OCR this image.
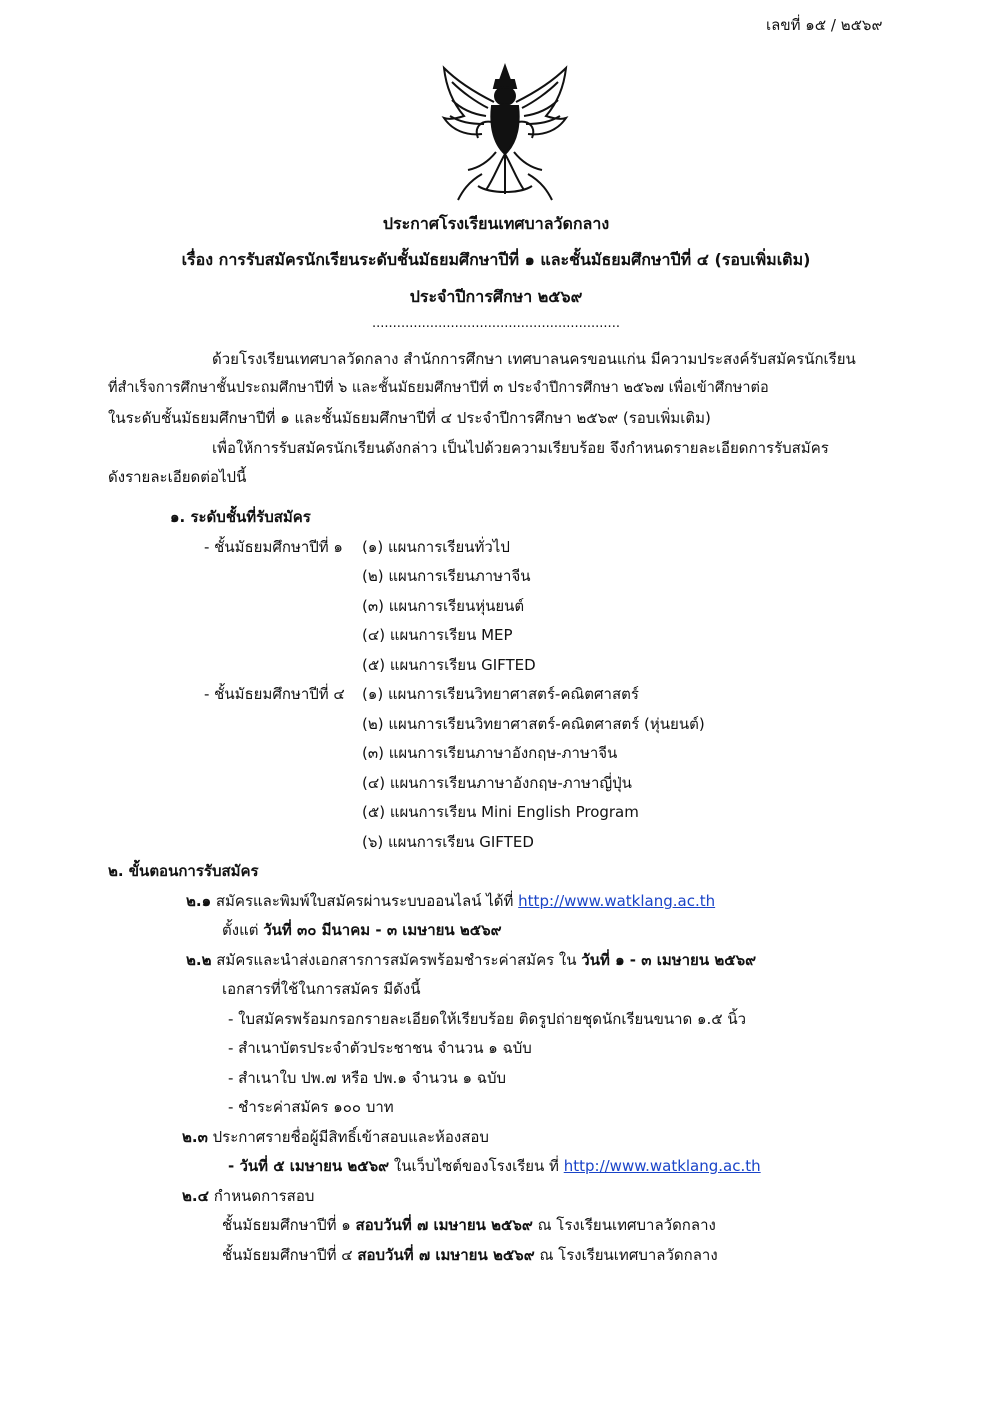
เลขที่ ๑๕ / ๒๕๖๙
ประกาศโรงเรียนเทศบาลวัดกลาง
เรื่อง การรับสมัครนักเรียนระดับชั้นมัธยมศึกษาปีที่ ๑ และชั้นมัธยมศึกษาปีที่ ๔ (รอบเพิ่มเติม)
ประจำปีการศึกษา ๒๕๖๙
............................................................
ด้วยโรงเรียนเทศบาลวัดกลาง สำนักการศึกษา เทศบาลนครขอนแก่น มีความประสงค์รับสมัครนักเรียน
ที่สำเร็จการศึกษาชั้นประถมศึกษาปีที่ ๖ และชั้นมัธยมศึกษาปีที่ ๓ ประจำปีการศึกษา ๒๕๖๗ เพื่อเข้าศึกษาต่อ
ในระดับชั้นมัธยมศึกษาปีที่ ๑ และชั้นมัธยมศึกษาปีที่ ๔ ประจำปีการศึกษา ๒๕๖๙ (รอบเพิ่มเติม)
เพื่อให้การรับสมัครนักเรียนดังกล่าว เป็นไปด้วยความเรียบร้อย จึงกำหนดรายละเอียดการรับสมัคร
ดังรายละเอียดต่อไปนี้
๑. ระดับชั้นที่รับสมัคร
- ชั้นมัธยมศึกษาปีที่ ๑ (๑) แผนการเรียนทั่วไป
(๒) แผนการเรียนภาษาจีน
(๓) แผนการเรียนหุ่นยนต์
(๔) แผนการเรียน MEP
(๕) แผนการเรียน GIFTED
- ชั้นมัธยมศึกษาปีที่ ๔ (๑) แผนการเรียนวิทยาศาสตร์-คณิตศาสตร์
(๒) แผนการเรียนวิทยาศาสตร์-คณิตศาสตร์ (หุ่นยนต์)
(๓) แผนการเรียนภาษาอังกฤษ-ภาษาจีน
(๔) แผนการเรียนภาษาอังกฤษ-ภาษาญี่ปุ่น
(๕) แผนการเรียน Mini English Program
(๖) แผนการเรียน GIFTED
๒. ขั้นตอนการรับสมัคร
๒.๑ สมัครและพิมพ์ใบสมัครผ่านระบบออนไลน์ ได้ที่ http://www.watklang.ac.th
ตั้งแต่ วันที่ ๓๐ มีนาคม - ๓ เมษายน ๒๕๖๙
๒.๒ สมัครและนำส่งเอกสารการสมัครพร้อมชำระค่าสมัคร ใน วันที่ ๑ - ๓ เมษายน ๒๕๖๙
เอกสารที่ใช้ในการสมัคร มีดังนี้
- ใบสมัครพร้อมกรอกรายละเอียดให้เรียบร้อย ติดรูปถ่ายชุดนักเรียนขนาด ๑.๕ นิ้ว
- สำเนาบัตรประจำตัวประชาชน จำนวน ๑ ฉบับ
- สำเนาใบ ปพ.๗ หรือ ปพ.๑ จำนวน ๑ ฉบับ
- ชำระค่าสมัคร ๑๐๐ บาท
๒.๓ ประกาศรายชื่อผู้มีสิทธิ์เข้าสอบและห้องสอบ
- วันที่ ๕ เมษายน ๒๕๖๙ ในเว็บไซต์ของโรงเรียน ที่ http://www.watklang.ac.th
๒.๔ กำหนดการสอบ
ชั้นมัธยมศึกษาปีที่ ๑ สอบวันที่ ๗ เมษายน ๒๕๖๙ ณ โรงเรียนเทศบาลวัดกลาง
ชั้นมัธยมศึกษาปีที่ ๔ สอบวันที่ ๗ เมษายน ๒๕๖๙ ณ โรงเรียนเทศบาลวัดกลาง
